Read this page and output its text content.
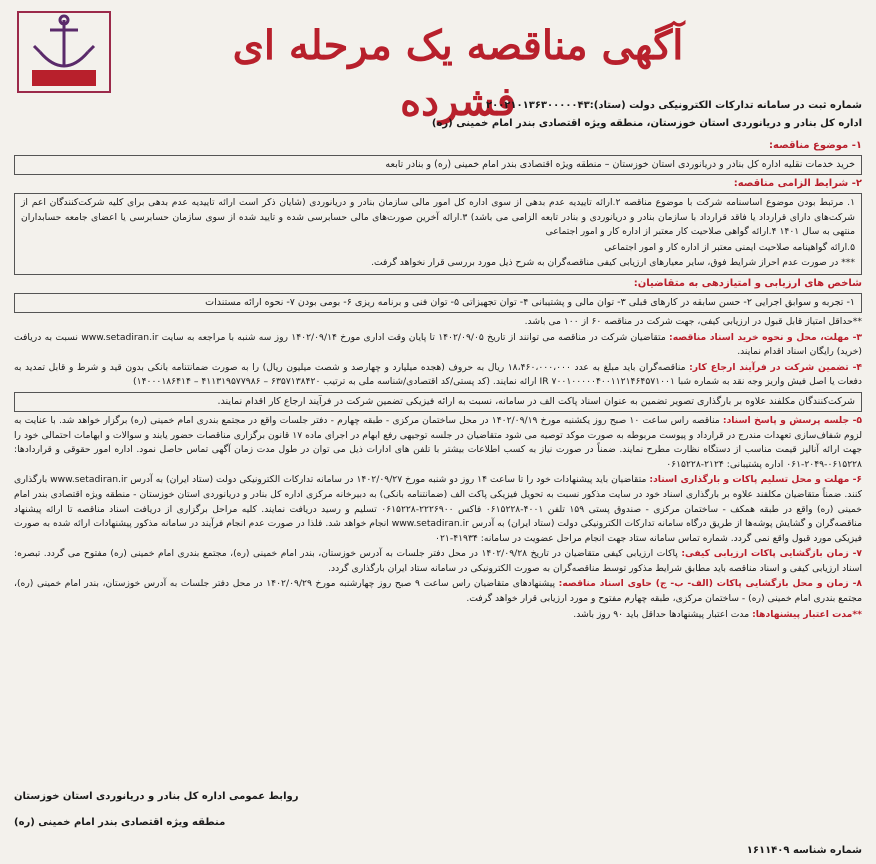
آگهی مناقصه یک مرحله ای فشرده
شماره ثبت در سامانه تدارکات الکترونیکی دولت (ستاد):۲۰۰۲۱۰۱۳۶۳۰۰۰۰۰۴۳
اداره کل بنادر و دریانوردی استان خوزستان، منطقه ویژه اقتصادی بندر امام خمینی (ره)
۱- موضوع مناقصه:
خرید خدمات نقلیه اداره کل بنادر و دریانوردی استان خوزستان – منطقه ویژه اقتصادی بندر امام خمینی (ره) و بنادر تابعه
۲- شرایط الزامی مناقصه:

۱. مرتبط بودن موضوع اساسنامه شرکت با موضوع مناقصه ۲.ارائه تاییدیه عدم بدهی از سوی اداره کل امور مالی سازمان بنادر و دریانوردی (شایان ذکر است ارائه تاییدیه عدم بدهی برای کلیه شرکت‌کنندگان اعم از شرکت‌های دارای قرارداد یا فاقد قرارداد با سازمان بنادر و دریانوردی و بنادر تابعه الزامی می باشد) ۳.ارائه آخرین صورت‌های مالی حسابرسی شده و تایید شده از سوی سازمان حسابرسی یا اعضای جامعه حسابداران منتهی به سال ۱۴۰۱ ۴.ارائه گواهی صلاحیت کار معتبر از اداره کار و امور اجتماعی

۵.ارائه گواهینامه صلاحیت ایمنی معتبر از اداره کار و امور اجتماعی

*** در صورت عدم احراز شرایط فوق، سایر معیارهای ارزیابی کیفی مناقصه‌گران به شرح ذیل مورد بررسی قرار نخواهد گرفت.

شاخص های ارزیابی و امتیازدهی به متقاضیان:
۱- تجربه و سوابق اجرایی ۲- حسن سابقه در کارهای قبلی ۳- توان مالی و پشتیبانی ۴- توان تجهیزاتی ۵- توان فنی و برنامه ریزی ۶- بومی بودن ۷- نحوه ارائه مستندات

**حداقل امتیاز قابل قبول در ارزیابی کیفی، جهت شرکت در مناقصه ۶۰ از ۱۰۰ می باشد.

۳- مهلت، محل و نحوه خرید اسناد مناقصه: متقاضیان شرکت در مناقصه می توانند از تاریخ ۱۴۰۲/۰۹/۰۵ تا پایان وقت اداری مورخ ۱۴۰۲/۰۹/۱۴ روز سه شنبه با مراجعه به سایت www.setadiran.ir نسبت به دریافت (خرید) رایگان اسناد اقدام نمایند.

۴- تضمین شرکت در فرآیند ارجاع کار: مناقصه‌گران باید مبلغ به عدد ۱۸،۴۶۰،۰۰۰،۰۰۰ ریال به حروف (هجده میلیارد و چهارصد و شصت میلیون ریال) را به صورت ضمانتنامه بانکی بدون قید و شرط و قابل تمدید به دفعات یا اصل فیش واریز وجه نقد به شماره شبا IR ۷۰۰۱۰۰۰۰۰۴۰۰۱۱۲۱۴۶۴۵۷۱۰۰۱ ارائه نمایند. (کد پستی/کد اقتصادی/شناسه ملی به ترتیب ۶۳۵۷۱۳۸۴۲۰ – ۴۱۱۳۱۹۵۷۷۹۸۶ – ۱۴۰۰۰۱۸۶۴۱۴)

شرکت‌کنندگان مکلفند علاوه بر بارگذاری تصویر تضمین به عنوان اسناد پاکت الف در سامانه، نسبت به ارائه فیزیکی تضمین شرکت در فرآیند ارجاع کار اقدام نمایند.

۵- جلسه پرسش و پاسخ اسناد: مناقصه راس ساعت ۱۰ صبح روز یکشنبه مورخ ۱۴۰۲/۰۹/۱۹ در محل ساختمان مرکزی - طبقه چهارم - دفتر جلسات واقع در مجتمع بندری امام خمینی (ره) برگزار خواهد شد. با عنایت به لزوم شفاف‌سازی تعهدات مندرج در قرارداد و پیوست مربوطه به صورت موکد توصیه می شود متقاضیان در جلسه توجیهی رفع ابهام در اجرای ماده ۱۷ قانون برگزاری مناقصات حضور یابند و سوالات و ابهامات احتمالی خود را جهت ارائه آنالیز قیمت مناسب از دستگاه نظارت مطرح نمایند. ضمناً در صورت نیاز به کسب اطلاعات بیشتر با تلفن های ادارات ذیل می توان در طول مدت زمان آگهی تماس حاصل نمود. اداره امور حقوقی و قراردادها: ۰۶۱۵۲۲۸-۲۰۴۹-۰۶۱ اداره پشتیبانی: ۲۱۲۴-۰۶۱۵۲۲۸

۶- مهلت و محل تسلیم پاکات و بارگذاری اسناد: متقاضیان باید پیشنهادات خود را تا ساعت ۱۴ روز دو شنبه مورخ ۱۴۰۲/۰۹/۲۷ در سامانه تدارکات الکترونیکی دولت (ستاد ایران) به آدرس www.setadiran.ir بارگذاری کنند. ضمناً متقاضیان مکلفند علاوه بر بارگذاری اسناد خود در سایت مذکور نسبت به تحویل فیزیکی پاکت الف (ضمانتنامه بانکی) به دبیرخانه مرکزی اداره کل بنادر و دریانوردی استان خوزستان - منطقه ویژه اقتصادی بندر امام خمینی (ره) واقع در طبقه همکف - ساختمان مرکزی - صندوق پستی ۱۵۹ تلفن ۴۰۰۱-۰۶۱۵۲۲۸ فاکس ۲۲۲۶۹۰۰-۰۶۱۵۲۲۸ تسلیم و رسید دریافت نمایند. کلیه مراحل برگزاری از دریافت اسناد مناقصه تا ارائه پیشنهاد مناقصه‌گران و گشایش پوشه‌ها از طریق درگاه سامانه تدارکات الکترونیکی دولت (ستاد ایران) به آدرس www.setadiran.ir انجام خواهد شد. فلذا در صورت عدم انجام فرآیند در سامانه مذکور پیشنهادات ارائه شده به صورت فیزیکی مورد قبول واقع نمی گردد. شماره تماس سامانه ستاد جهت انجام مراحل عضویت در سامانه: ۴۱۹۳۴-۰۲۱

۷- زمان بازگشایی پاکات ارزیابی کیفی: پاکات ارزیابی کیفی متقاضیان در تاریخ ۱۴۰۲/۰۹/۲۸ در محل دفتر جلسات به آدرس خوزستان، بندر امام خمینی (ره)، مجتمع بندری امام خمینی (ره) مفتوح می گردد. تبصره: اسناد ارزیابی کیفی و اسناد مناقصه باید مطابق شرایط مذکور توسط مناقصه‌گران به صورت الکترونیکی در سامانه ستاد ایران بارگذاری گردد.

۸- زمان و محل بازگشایی پاکات (الف- ب- ج) حاوی اسناد مناقصه: پیشنهادهای متقاضیان راس ساعت ۹ صبح روز چهارشنبه مورخ ۱۴۰۲/۰۹/۲۹ در محل دفتر جلسات به آدرس خوزستان، بندر امام خمینی (ره)، مجتمع بندری امام خمینی (ره) - ساختمان مرکزی، طبقه چهارم مفتوح و مورد ارزیابی قرار خواهد گرفت.

**مدت اعتبار پیشنهادها: مدت اعتبار پیشنهادها حداقل باید ۹۰ روز باشد.

روابط عمومی اداره کل بنادر و دریانوردی استان خوزستان
منطقه ویژه اقتصادی بندر امام خمینی (ره)
شماره شناسه ۱۶۱۱۴۰۹
